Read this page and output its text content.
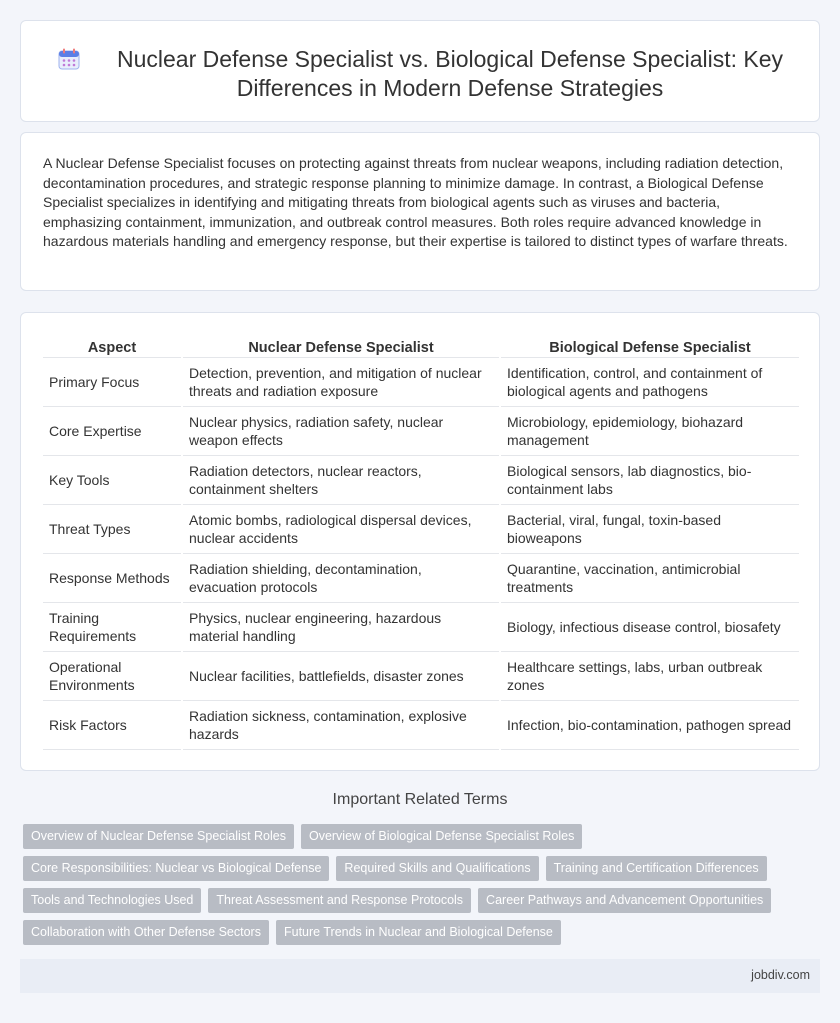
Nuclear Defense Specialist vs. Biological Defense Specialist: Key Differences in Modern Defense Strategies

A Nuclear Defense Specialist focuses on protecting against threats from nuclear weapons, including radiation detection, decontamination procedures, and strategic response planning to minimize damage. In contrast, a Biological Defense Specialist specializes in identifying and mitigating threats from biological agents such as viruses and bacteria, emphasizing containment, immunization, and outbreak control measures. Both roles require advanced knowledge in hazardous materials handling and emergency response, but their expertise is tailored to distinct types of warfare threats.

Aspect	Nuclear Defense Specialist	Biological Defense Specialist
Primary Focus	Detection, prevention, and mitigation of nuclear threats and radiation exposure	Identification, control, and containment of biological agents and pathogens
Core Expertise	Nuclear physics, radiation safety, nuclear weapon effects	Microbiology, epidemiology, biohazard management
Key Tools	Radiation detectors, nuclear reactors, containment shelters	Biological sensors, lab diagnostics, bio-containment labs
Threat Types	Atomic bombs, radiological dispersal devices, nuclear accidents	Bacterial, viral, fungal, toxin-based bioweapons
Response Methods	Radiation shielding, decontamination, evacuation protocols	Quarantine, vaccination, antimicrobial treatments
Training Requirements	Physics, nuclear engineering, hazardous material handling	Biology, infectious disease control, biosafety
Operational Environments	Nuclear facilities, battlefields, disaster zones	Healthcare settings, labs, urban outbreak zones
Risk Factors	Radiation sickness, contamination, explosive hazards	Infection, bio-contamination, pathogen spread
Important Related Terms
Overview of Nuclear Defense Specialist Roles	Overview of Biological Defense Specialist Roles
Core Responsibilities: Nuclear vs Biological Defense	Required Skills and Qualifications	Training and Certification Differences
Tools and Technologies Used	Threat Assessment and Response Protocols	Career Pathways and Advancement Opportunities
Collaboration with Other Defense Sectors	Future Trends in Nuclear and Biological Defense
jobdiv.com
